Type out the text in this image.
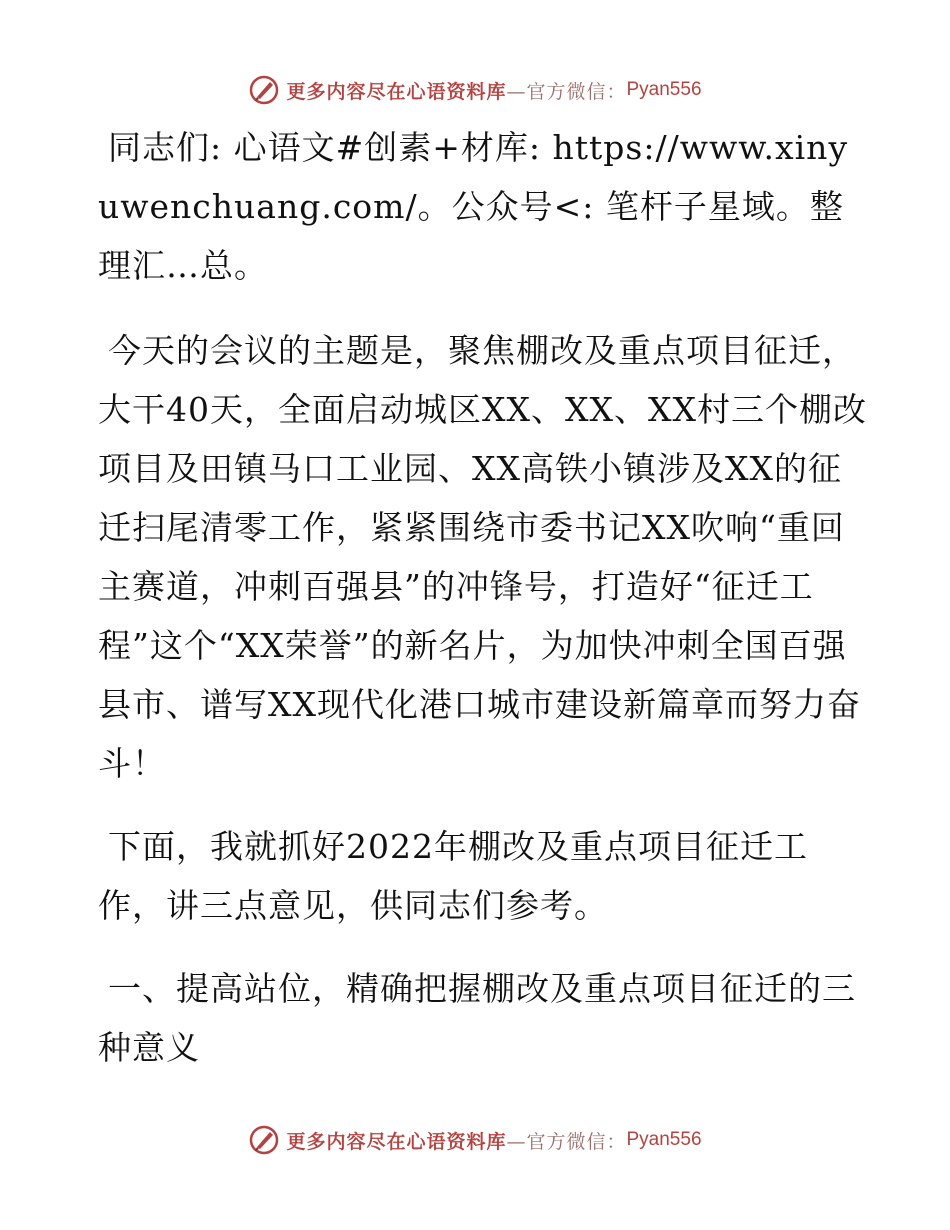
更多内容尽在心语资料库 —官方微信： Pyan556

同志们: 心语文#创素+材库: https://www.xinyuwenchuang.com/。公众号<: 笔杆子星域。整理汇…总。

今天的会议的主题是，聚焦棚改及重点项目征迁，大干40天，全面启动城区XX、XX、XX村三个棚改项目及田镇马口工业园、XX高铁小镇涉及XX的征迁扫尾清零工作，紧紧围绕市委书记XX吹响“重回主赛道，冲刺百强县”的冲锋号，打造好“征迁工程”这个“XX荣誉”的新名片，为加快冲刺全国百强县市、谱写XX现代化港口城市建设新篇章而努力奋斗！

下面，我就抓好2022年棚改及重点项目征迁工作，讲三点意见，供同志们参考。

一、提高站位，精确把握棚改及重点项目征迁的三种意义

更多内容尽在心语资料库 —官方微信： Pyan556
